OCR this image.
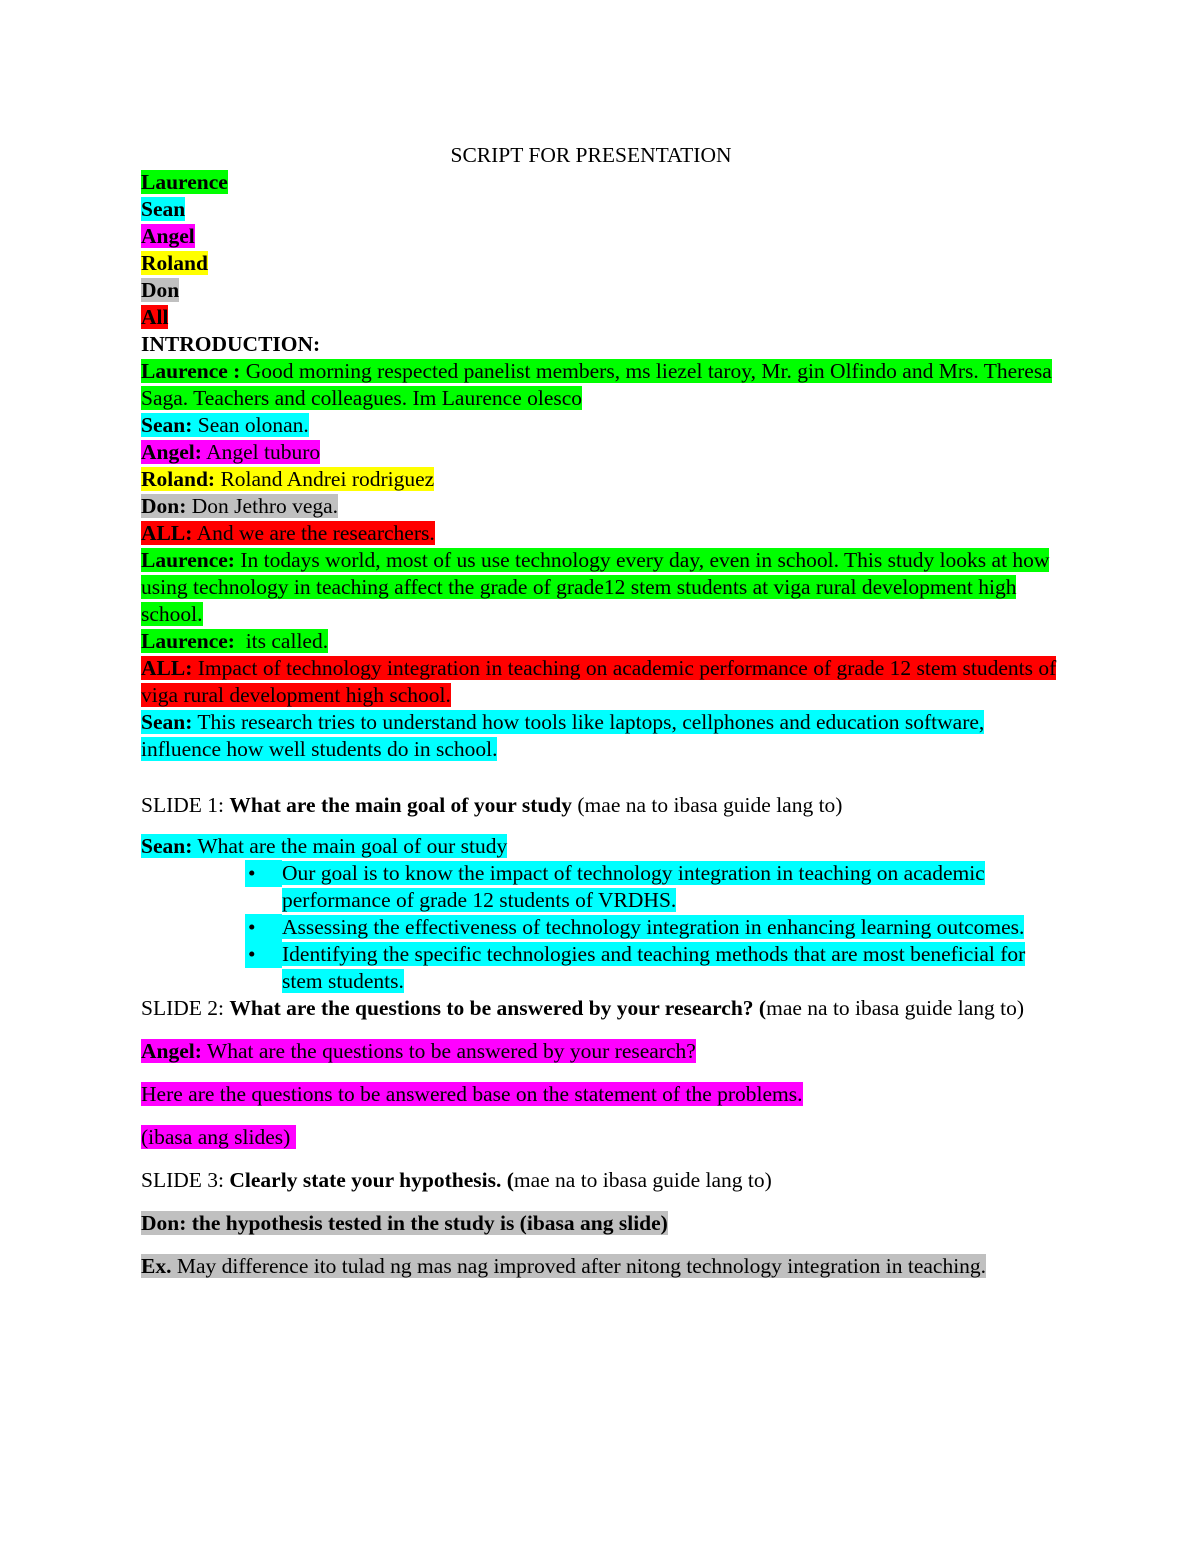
SCRIPT FOR PRESENTATION

Laurence

Sean

Angel

Roland

Don

All

INTRODUCTION:

Laurence : Good morning respected panelist members, ms liezel taroy, Mr. gin Olfindo and Mrs. Theresa Saga. Teachers and colleagues. Im Laurence olesco

Sean: Sean olonan.

Angel: Angel tuburo

Roland: Roland Andrei rodriguez

Don: Don Jethro vega.

ALL: And we are the researchers.

Laurence: In todays world, most of us use technology every day, even in school. This study looks at how using technology in teaching affect the grade of grade12 stem students at viga rural development high school.

Laurence:  its called.

ALL: Impact of technology integration in teaching on academic performance of grade 12 stem students of viga rural development high school.

Sean: This research tries to understand how tools like laptops, cellphones and education software, influence how well students do in school.

SLIDE 1: What are the main goal of your study (mae na to ibasa guide lang to)

Sean: What are the main goal of our study

•	Our goal is to know the impact of technology integration in teaching on academic performance of grade 12 students of VRDHS.
•	Assessing the effectiveness of technology integration in enhancing learning outcomes.
•	Identifying the specific technologies and teaching methods that are most beneficial for stem students.

SLIDE 2: What are the questions to be answered by your research? (mae na to ibasa guide lang to)

Angel: What are the questions to be answered by your research?

Here are the questions to be answered base on the statement of the problems.

(ibasa ang slides)

SLIDE 3: Clearly state your hypothesis. (mae na to ibasa guide lang to)

Don: the hypothesis tested in the study is (ibasa ang slide)

Ex. May difference ito tulad ng mas nag improved after nitong technology integration in teaching.
